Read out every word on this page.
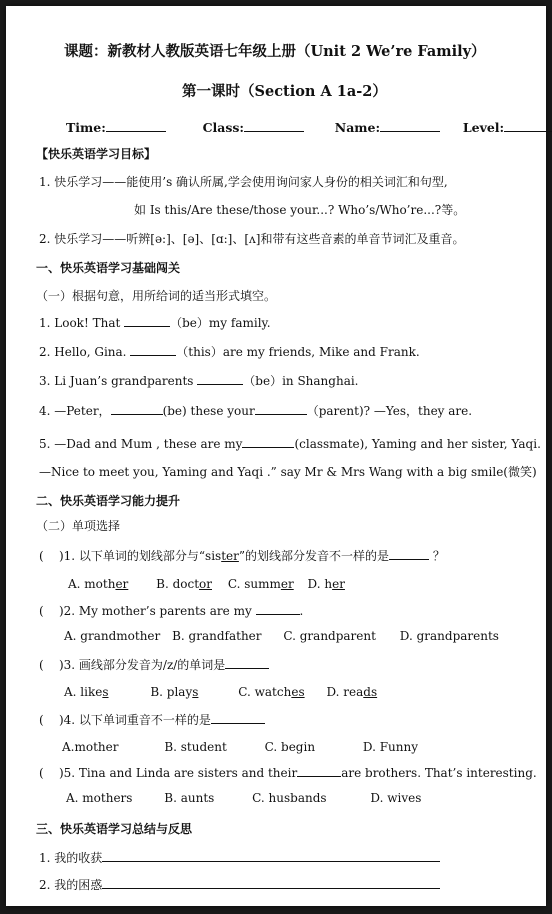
课题：新教材人教版英语七年级上册（Unit 2 We’re Family）
第一课时（Section A 1a-2）
Time:	Class:	Name:	Level:
【快乐英语学习目标】
1. 快乐学习——能使用’s 确认所属,学会使用询问家人身份的相关词汇和句型,
如 Is this/Are these/those your...? Who’s/Who’re...?等。
2. 快乐学习——听辨[ə:]、[ə]、[ɑ:]、[ʌ]和带有这些音素的单音节词汇及重音。
一、快乐英语学习基础闯关
（一）根据句意，用所给词的适当形式填空。
1. Look! That	（be）my family.
2. Hello, Gina.	（this）are my friends, Mike and Frank.
3. Li Juan’s grandparents	（be）in Shanghai.
4. —Peter，	(be) these your	（parent)? —Yes，they are.
5. —Dad and Mum , these are my	(classmate), Yaming and her sister, Yaqi.
—Nice to meet you, Yaming and Yaqi .” say Mr & Mrs Wang with a big smile(微笑)
二、快乐英语学习能力提升
（二）单项选择
(    )1. 以下单词的划线部分与“sister”的划线部分发音不一样的是	？
A. mother B. doctor C. summer D. her
(    )2. My mother’s parents are my	.
A. grandmother B. grandfather C. grandparent D. grandparents
(    )3. 画线部分发音为/z/的单词是
A. likes	B. plays	C. watches D. reads
(    )4. 以下单词重音不一样的是
A.mother	B. student	C. begin	D. Funny
(    )5. Tina and Linda are sisters and their	are brothers. That’s interesting.
A. mothers	B. aunts	C. husbands	D. wives
三、快乐英语学习总结与反思
1. 我的收获
2. 我的困惑
